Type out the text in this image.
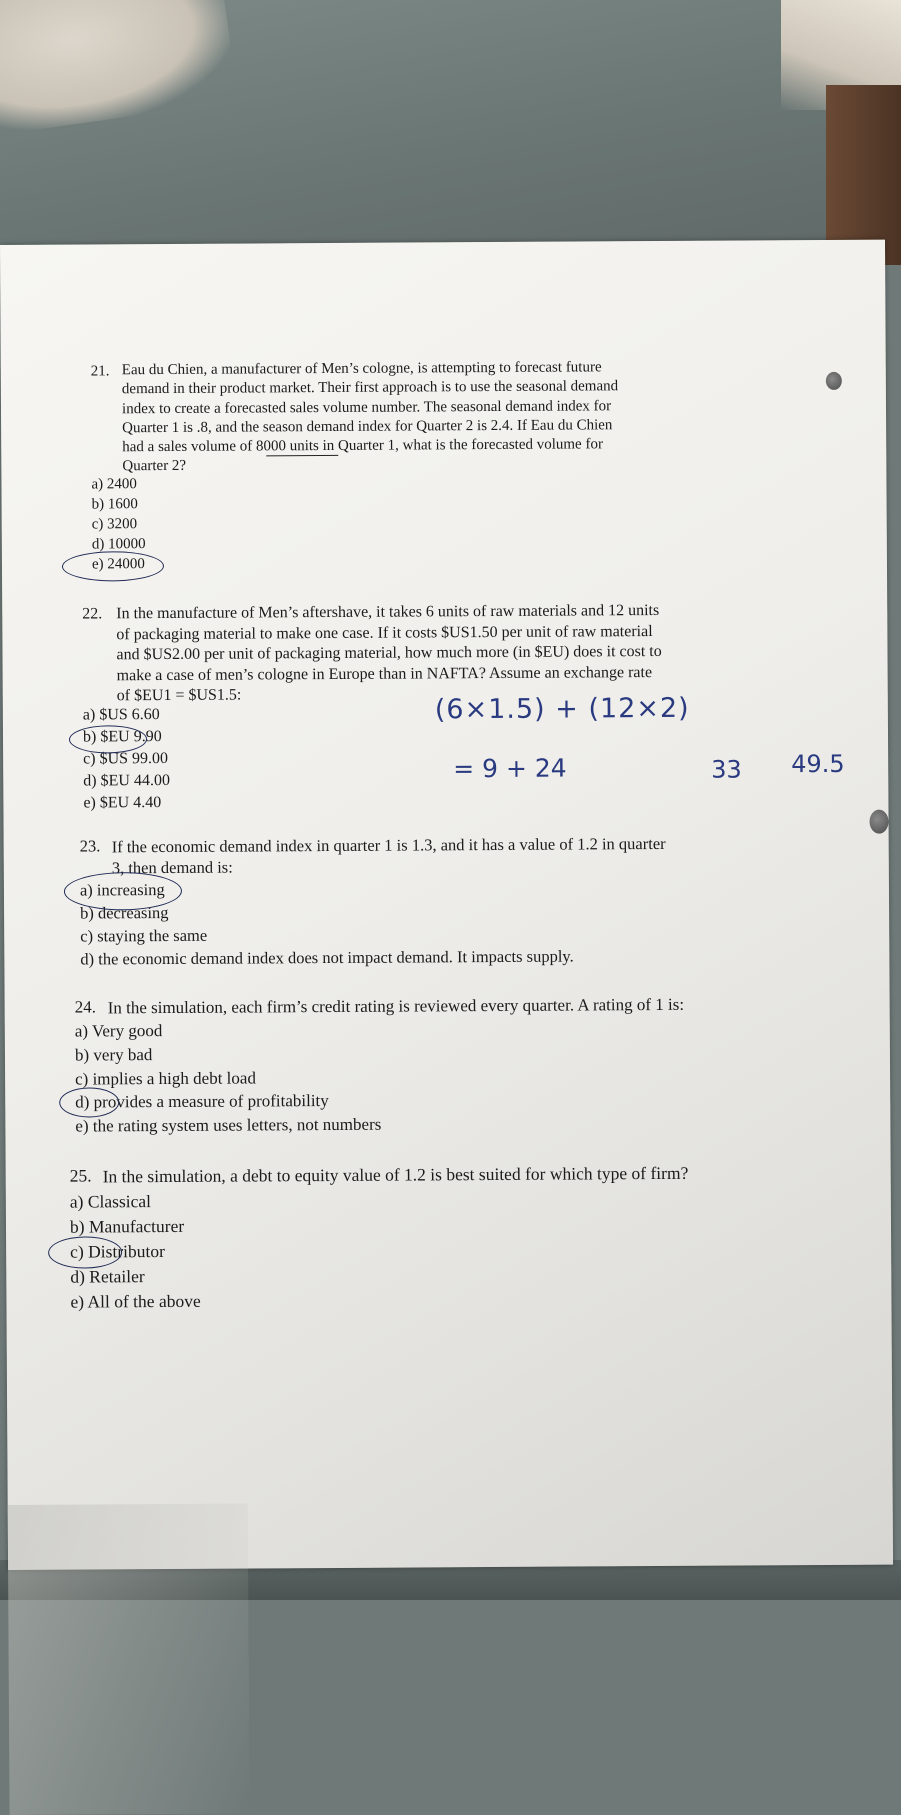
21. Eau du Chien, a manufacturer of Men’s cologne, is attempting to forecast future
demand in their product market. Their first approach is to use the seasonal demand
index to create a forecasted sales volume number. The seasonal demand index for
Quarter 1 is .8, and the season demand index for Quarter 2 is 2.4. If Eau du Chien
had a sales volume of 8000 units in Quarter 1, what is the forecasted volume for
Quarter 2?
a) 2400
b) 1600
c) 3200
d) 10000
e) 24000
22. In the manufacture of Men’s aftershave, it takes 6 units of raw materials and 12 units
of packaging material to make one case. If it costs $US1.50 per unit of raw material
and $US2.00 per unit of packaging material, how much more (in $EU) does it cost to
make a case of men’s cologne in Europe than in NAFTA? Assume an exchange rate
of $EU1 = $US1.5:
a) $US 6.60
b) $EU 9.90
c) $US 99.00
d) $EU 44.00
e) $EU 4.40
(6×1.5) + (12×2)
= 9 + 24	33 49.5
23. If the economic demand index in quarter 1 is 1.3, and it has a value of 1.2 in quarter
3, then demand is:
a) increasing
b) decreasing
c) staying the same
d) the economic demand index does not impact demand. It impacts supply.
24. In the simulation, each firm’s credit rating is reviewed every quarter. A rating of 1 is:
a) Very good
b) very bad
c) implies a high debt load
d) provides a measure of profitability
e) the rating system uses letters, not numbers
25. In the simulation, a debt to equity value of 1.2 is best suited for which type of firm?
a) Classical
b) Manufacturer
c) Distributor
d) Retailer
e) All of the above
